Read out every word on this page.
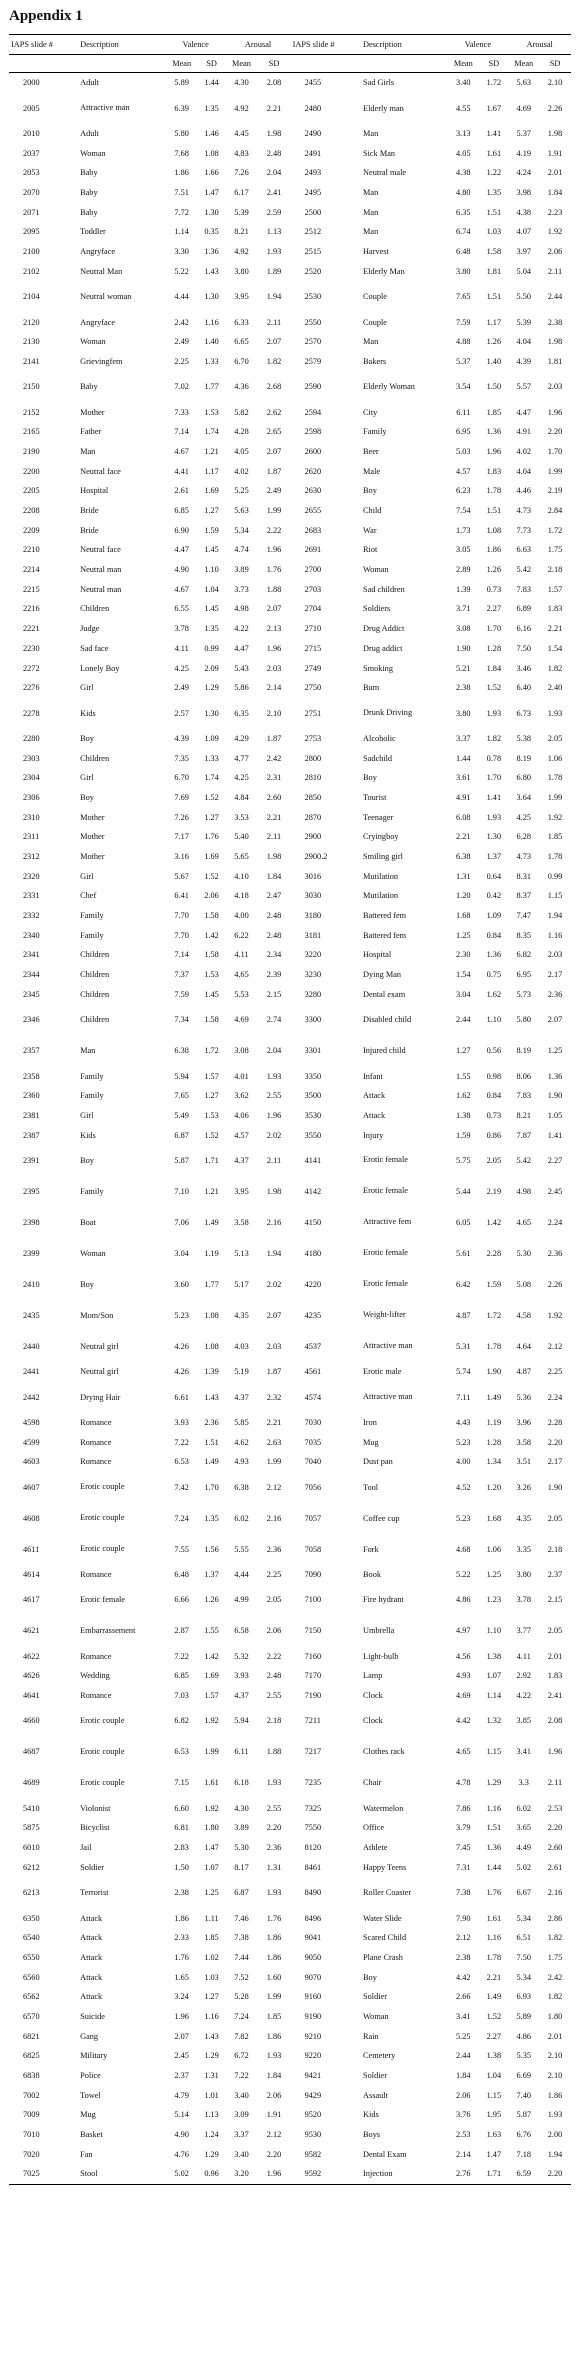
Appendix 1
IAPS slide #	Description	Valence		Arousal		IAPS slide #	Description	Valence		Arousal	
		Mean	SD	Mean	SD			Mean	SD	Mean	SD
2000	Adult	5.89	1.44	4.30	2.08	2455	Sad Girls	3.40	1.72	5.63	2.10
2005	Attractive man	6.39	1.35	4.92	2.21	2480	Elderly man	4.55	1.67	4.69	2.26
2010	Adult	5.80	1.46	4.45	1.98	2490	Man	3.13	1.41	5.37	1.98
2037	Woman	7.68	1.08	4.83	2.48	2491	Sick Man	4.05	1.61	4.19	1.91
2053	Baby	1.86	1.66	7.26	2.04	2493	Neutral male	4.38	1.22	4.24	2.01
2070	Baby	7.51	1.47	6.17	2.41	2495	Man	4.80	1.35	3.98	1.84
2071	Baby	7.72	1.30	5.39	2.59	2500	Man	6.35	1.51	4.38	2.23
2095	Toddler	1.14	0.35	8.21	1.13	2512	Man	6.74	1.03	4.07	1.92
2100	Angryface	3.30	1.36	4.92	1.93	2515	Harvest	6.48	1.58	3.97	2.06
2102	Neutral Man	5.22	1.43	3.80	1.89	2520	Elderly Man	3.80	1.81	5.04	2.11
2104	Neutral woman	4.44	1.30	3.95	1.94	2530	Couple	7.65	1.51	5.50	2.44
2120	Angryface	2.42	1.16	6.33	2.11	2550	Couple	7.59	1.17	5.39	2.38
2130	Woman	2.49	1.40	6.65	2.07	2570	Man	4.88	1.26	4.04	1.98
2141	Grievingfem	2.25	1.33	6.70	1.82	2579	Bakers	5.37	1.40	4.39	1.81
2150	Baby	7.02	1.77	4.36	2.68	2590	Elderly Woman	3.54	1.50	5.57	2.03
2152	Mother	7.33	1.53	5.82	2.62	2594	City	6.11	1.85	4.47	1.96
2165	Father	7.14	1.74	4.28	2.65	2598	Family	6.95	1.36	4.91	2.20
2190	Man	4.67	1.21	4.05	2.07	2600	Beer	5.03	1.96	4.02	1.70
2200	Neutral face	4.41	1.17	4.02	1.87	2620	Male	4.57	1.83	4.04	1.99
2205	Hospital	2.61	1.69	5.25	2.49	2630	Boy	6.23	1.78	4.46	2.19
2208	Bride	6.85	1.27	5.63	1.99	2655	Child	7.54	1.51	4.73	2.84
2209	Bride	6.90	1.59	5.34	2.22	2683	War	1.73	1.08	7.73	1.72
2210	Neutral face	4.47	1.45	4.74	1.96	2691	Riot	3.05	1.86	6.63	1.75
2214	Neutral man	4.90	1.10	3.89	1.76	2700	Woman	2.89	1.26	5.42	2.18
2215	Neutral man	4.67	1.04	3.73	1.88	2703	Sad children	1.39	0.73	7.83	1.57
2216	Children	6.55	1.45	4.98	2.07	2704	Soldiers	3.71	2.27	6.89	1.83
2221	Judge	3.78	1.35	4.22	2.13	2710	Drug Addict	3.08	1.70	6.16	2.21
2230	Sad face	4.11	0.99	4.47	1.96	2715	Drug addict	1.90	1.28	7.50	1.54
2272	Lonely Boy	4.25	2.09	5.43	2.03	2749	Smoking	5.21	1.84	3.46	1.82
2276	Girl	2.49	1.29	5.86	2.14	2750	Bum	2.38	1.52	6.40	2.40
2278	Kids	2.57	1.30	6.35	2.10	2751	Drunk Driving	3.80	1.93	6.73	1.93
2280	Boy	4.39	1.09	4.29	1.87	2753	Alcoholic	3.37	1.82	5.38	2.05
2303	Children	7.35	1.33	4.77	2.42	2800	Sadchild	1.44	0.78	8.19	1.06
2304	Girl	6.70	1.74	4.25	2.31	2810	Boy	3.61	1.70	6.80	1.78
2306	Boy	7.69	1.52	4.84	2.60	2850	Tourist	4.91	1.41	3.64	1.99
2310	Mother	7.26	1.27	3.53	2.21	2870	Teenager	6.08	1.93	4.25	1.92
2311	Mother	7.17	1.76	5.40	2.11	2900	Cryingboy	2.21	1.30	6.28	1.85
2312	Mother	3.16	1.69	5.65	1.98	2900.2	Smiling girl	6.38	1.37	4.73	1.78
2320	Girl	5.67	1.52	4.10	1.84	3016	Mutilation	1.31	0.64	8.31	0.99
2331	Chef	6.41	2.06	4.18	2.47	3030	Mutilation	1.20	0.42	8.37	1.15
2332	Family	7.70	1.58	4.00	2.48	3180	Battered fem	1.68	1.09	7.47	1.94
2340	Family	7.70	1.42	6.22	2.48	3181	Battered fem	1.25	0.84	8.35	1.16
2341	Children	7.14	1.58	4.11	2.34	3220	Hospital	2.30	1.36	6.82	2.03
2344	Children	7.37	1.53	4.65	2.39	3230	Dying Man	1.54	0.75	6.95	2.17
2345	Children	7.59	1.45	5.53	2.15	3280	Dental exam	3.04	1.62	5.73	2.36
2346	Children	7.34	1.58	4.69	2.74	3300	Disabled child	2.44	1.10	5.80	2.07
2357	Man	6.38	1.72	3.08	2.04	3301	Injured child	1.27	0.56	8.19	1.25
2358	Family	5.94	1.57	4.01	1.93	3350	Infant	1.55	0.98	8.06	1.36
2360	Family	7.65	1.27	3.62	2.55	3500	Attack	1.62	0.84	7.83	1.90
2381	Girl	5.49	1.53	4.06	1.96	3530	Attack	1.38	0.73	8.21	1.05
2387	Kids	6.87	1.52	4.57	2.02	3550	Injury	1.59	0.86	7.87	1.41
2391	Boy	5.87	1.71	4.37	2.11	4141	Erotic female	5.75	2.05	5.42	2.27
2395	Family	7.10	1.21	3.95	1.98	4142	Erotic female	5.44	2.19	4.98	2.45
2398	Boat	7.06	1.49	3.58	2.16	4150	Attractive fem	6.05	1.42	4.65	2.24
2399	Woman	3.04	1.19	5.13	1.94	4180	Erotic female	5.61	2.28	5.30	2.36
2410	Boy	3.60	1.77	5.17	2.02	4220	Erotic female	6.42	1.59	5.08	2.26
2435	Mom/Son	5.23	1.08	4.35	2.07	4235	Weight-lifter	4.87	1.72	4.58	1.92
2440	Neutral girl	4.26	1.08	4.03	2.03	4537	Attractive man	5.31	1.78	4.64	2.12
2441	Neutral girl	4.26	1.39	5.19	1.87	4561	Erotic male	5.74	1.90	4.87	2.25
2442	Drying Hair	6.61	1.43	4.37	2.32	4574	Attractive man	7.11	1.49	5.36	2.24
4598	Romance	3.93	2.36	5.85	2.21	7030	Iron	4.43	1.19	3.96	2.28
4599	Romance	7.22	1.51	4.62	2.63	7035	Mug	5.23	1.28	3.58	2.20
4603	Romance	6.53	1.49	4.93	1.99	7040	Dust pan	4.00	1.34	3.51	2.17
4607	Erotic couple	7.42	1.70	6.38	2.12	7056	Tool	4.52	1.20	3.26	1.90
4608	Erotic couple	7.24	1.35	6.02	2.16	7057	Coffee cup	5.23	1.68	4.35	2.05
4611	Erotic couple	7.55	1.56	5.55	2.36	7058	Fork	4.68	1.06	3.35	2.18
4614	Romance	6.48	1.37	4.44	2.25	7090	Book	5.22	1.25	3.80	2.37
4617	Erotic female	6.66	1.26	4.99	2.05	7100	Fire hydrant	4.86	1.23	3.78	2.15
4621	Embarrassement	2.87	1.55	6.58	2.06	7150	Umbrella	4.97	1.10	3.77	2.05
4622	Romance	7.22	1.42	5.32	2.22	7160	Light-bulb	4.56	1.38	4.11	2.01
4626	Wedding	6.85	1.69	3.93	2.48	7170	Lamp	4.93	1.07	2.92	1.83
4641	Romance	7.03	1.57	4.37	2.55	7190	Clock	4.69	1.14	4.22	2.41
4660	Erotic couple	6.82	1.92	5.94	2.18	7211	Clock	4.42	1.32	3.85	2.08
4687	Erotic couple	6.53	1.99	6.11	1.88	7217	Clothes rack	4.65	1.15	3.41	1.96
4689	Erotic couple	7.15	1.61	6.18	1.93	7235	Chair	4.78	1.29	3.3	2.11
5410	Violonist	6.60	1.92	4.30	2.55	7325	Watermelon	7.86	1.16	6.02	2.53
5875	Bicyclist	6.81	1.80	3.89	2.20	7550	Office	3.79	1.51	3.65	2.20
6010	Jail	2.83	1.47	5.30	2.36	8120	Athlete	7.45	1.36	4.49	2.60
6212	Soldier	1.50	1.07	8.17	1.31	8461	Happy Teens	7.31	1.44	5.02	2.61
6213	Terrorist	2.38	1.25	6.87	1.93	8490	Roller Coaster	7.38	1.76	6.67	2.16
6350	Attack	1.86	1.11	7.46	1.76	8496	Water Slide	7.90	1.61	5.34	2.86
6540	Attack	2.33	1.85	7.38	1.86	9041	Scared Child	2.12	1.16	6.51	1.82
6550	Attack	1.76	1.02	7.44	1.86	9050	Plane Crash	2.38	1.78	7.50	1.75
6560	Attack	1.65	1.03	7.52	1.60	9070	Boy	4.42	2.21	5.34	2.42
6562	Attack	3.24	1.27	5.28	1.99	9160	Soldier	2.66	1.49	6.93	1.82
6570	Suicide	1.96	1.16	7.24	1.85	9190	Woman	3.41	1.52	5.89	1.80
6821	Gang	2.07	1.43	7.82	1.86	9210	Rain	5.25	2.27	4.86	2.01
6825	Military	2.45	1.29	6.72	1.93	9220	Cemetery	2.44	1.38	5.35	2.10
6838	Police	2.37	1.31	7.22	1.84	9421	Soldier	1.84	1.04	6.69	2.10
7002	Towel	4.79	1.01	3.40	2.06	9429	Assault	2.06	1.15	7.40	1.86
7009	Mug	5.14	1.13	3.09	1.91	9520	Kids	3.76	1.95	5.87	1.93
7010	Basket	4.90	1.24	3.37	2.12	9530	Boys	2.53	1.63	6.76	2.00
7020	Fan	4.76	1.29	3.40	2.20	9582	Dental Exam	2.14	1.47	7.18	1.94
7025	Stool	5.02	0.96	3.20	1.96	9592	Injection	2.76	1.71	6.59	2.20
